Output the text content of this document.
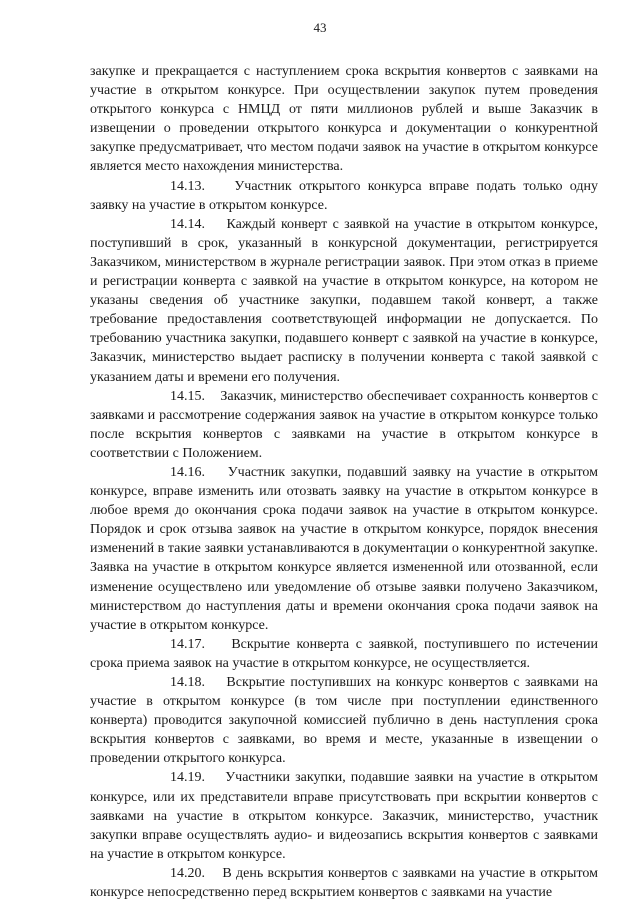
43

закупке и прекращается с наступлением срока вскрытия конвертов с заявками на участие в открытом конкурсе. При осуществлении закупок путем проведения открытого конкурса с НМЦД от пяти миллионов рублей и выше Заказчик в извещении о проведении открытого конкурса и документации о конкурентной закупке предусматривает, что местом подачи заявок на участие в открытом конкурсе является место нахождения министерства.

14.13. Участник открытого конкурса вправе подать только одну заявку на участие в открытом конкурсе.

14.14. Каждый конверт с заявкой на участие в открытом конкурсе, поступивший в срок, указанный в конкурсной документации, регистрируется Заказчиком, министерством в журнале регистрации заявок. При этом отказ в приеме и регистрации конверта с заявкой на участие в открытом конкурсе, на котором не указаны сведения об участнике закупки, подавшем такой конверт, а также требование предоставления соответствующей информации не допускается. По требованию участника закупки, подавшего конверт с заявкой на участие в конкурсе, Заказчик, министерство выдает расписку в получении конверта с такой заявкой с указанием даты и времени его получения.

14.15. Заказчик, министерство обеспечивает сохранность конвертов с заявками и рассмотрение содержания заявок на участие в открытом конкурсе только после вскрытия конвертов с заявками на участие в открытом конкурсе в соответствии с Положением.

14.16. Участник закупки, подавший заявку на участие в открытом конкурсе, вправе изменить или отозвать заявку на участие в открытом конкурсе в любое время до окончания срока подачи заявок на участие в открытом конкурсе. Порядок и срок отзыва заявок на участие в открытом конкурсе, порядок внесения изменений в такие заявки устанавливаются в документации о конкурентной закупке. Заявка на участие в открытом конкурсе является измененной или отозванной, если изменение осуществлено или уведомление об отзыве заявки получено Заказчиком, министерством до наступления даты и времени окончания срока подачи заявок на участие в открытом конкурсе.

14.17. Вскрытие конверта с заявкой, поступившего по истечении срока приема заявок на участие в открытом конкурсе, не осуществляется.

14.18. Вскрытие поступивших на конкурс конвертов с заявками на участие в открытом конкурсе (в том числе при поступлении единственного конверта) проводится закупочной комиссией публично в день наступления срока вскрытия конвертов с заявками, во время и месте, указанные в извещении о проведении открытого конкурса.

14.19. Участники закупки, подавшие заявки на участие в открытом конкурсе, или их представители вправе присутствовать при вскрытии конвертов с заявками на участие в открытом конкурсе. Заказчик, министерство, участник закупки вправе осуществлять аудио- и видеозапись вскрытия конвертов с заявками на участие в открытом конкурсе.

14.20. В день вскрытия конвертов с заявками на участие в открытом конкурсе непосредственно перед вскрытием конвертов с заявками на участие
